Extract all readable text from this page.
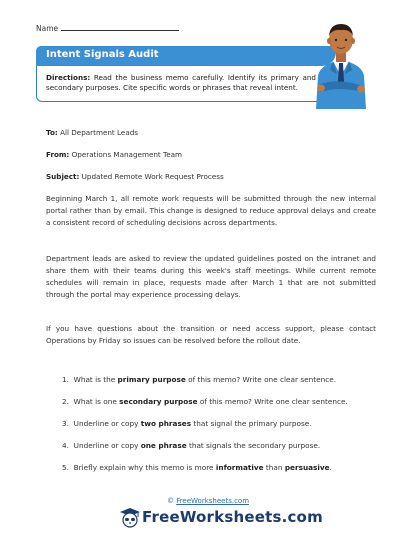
Name
Intent Signals Audit
Directions: Read the business memo carefully. Identify its primary and secondary purposes. Cite specific words or phrases that reveal intent.
To: All Department Leads
From: Operations Management Team
Subject: Updated Remote Work Request Process
Beginning March 1, all remote work requests will be submitted through the new internal portal rather than by email. This change is designed to reduce approval delays and create a consistent record of scheduling decisions across departments.
Department leads are asked to review the updated guidelines posted on the intranet and share them with their teams during this week's staff meetings. While current remote schedules will remain in place, requests made after March 1 that are not submitted through the portal may experience processing delays.
If you have questions about the transition or need access support, please contact Operations by Friday so issues can be resolved before the rollout date.
1. What is the primary purpose of this memo? Write one clear sentence.
2. What is one secondary purpose of this memo? Write one clear sentence.
3. Underline or copy two phrases that signal the primary purpose.
4. Underline or copy one phrase that signals the secondary purpose.
5. Briefly explain why this memo is more informative than persuasive.
© FreeWorksheets.com
FreeWorksheets.com
